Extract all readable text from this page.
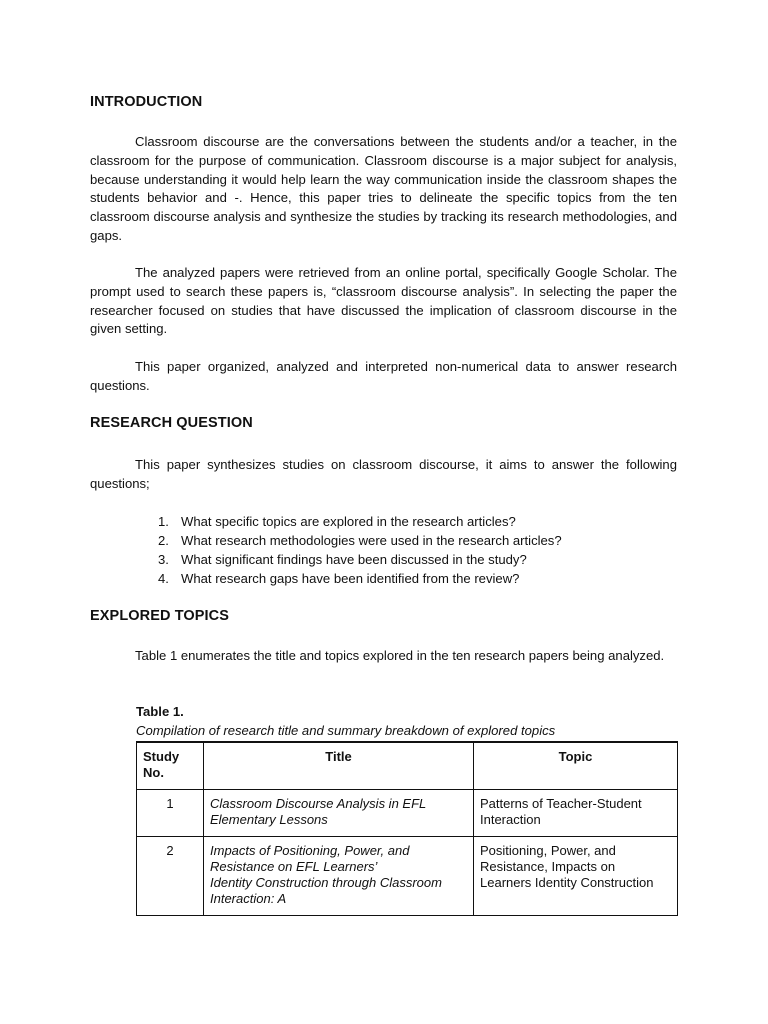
INTRODUCTION

Classroom discourse are the conversations between the students and/or a teacher, in the classroom for the purpose of communication. Classroom discourse is a major subject for analysis, because understanding it would help learn the way communication inside the classroom shapes the students behavior and -. Hence, this paper tries to delineate the specific topics from the ten classroom discourse analysis and synthesize the studies by tracking its research methodologies, and gaps.

The analyzed papers were retrieved from an online portal, specifically Google Scholar. The prompt used to search these papers is, “classroom discourse analysis”. In selecting the paper the researcher focused on studies that have discussed the implication of classroom discourse in the given setting.

This paper organized, analyzed and interpreted non-numerical data to answer research questions.

RESEARCH QUESTION

This paper synthesizes studies on classroom discourse, it aims to answer the following questions;

1. What specific topics are explored in the research articles?
2. What research methodologies were used in the research articles?
3. What significant findings have been discussed in the study?
4. What research gaps have been identified from the review?
EXPLORED TOPICS

Table 1 enumerates the title and topics explored in the ten research papers being analyzed.

Table 1.

Compilation of research title and summary breakdown of explored topics

Study
No.	Title	Topic
1	Classroom Discourse Analysis in EFL
Elementary Lessons	Patterns of Teacher-Student
Interaction
2	Impacts of Positioning, Power, and
Resistance on EFL Learners’
Identity Construction through Classroom
Interaction: A	Positioning, Power, and
Resistance, Impacts on
Learners Identity Construction
